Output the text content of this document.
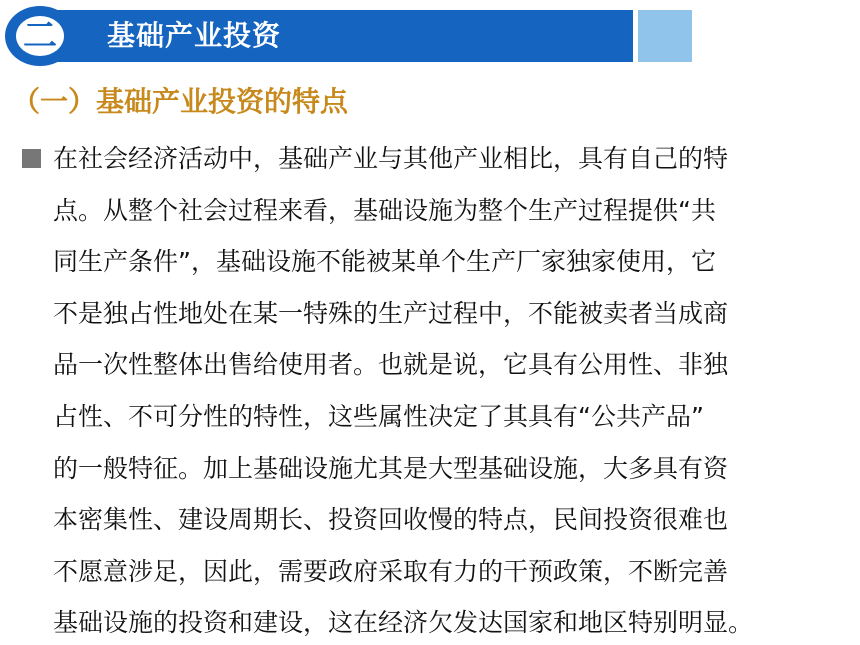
基础产业投资
二
（一）基础产业投资的特点
在社会经济活动中，基础产业与其他产业相比，具有自己的特
点。从整个社会过程来看，基础设施为整个生产过程提供“共
同生产条件”，基础设施不能被某单个生产厂家独家使用，它
不是独占性地处在某一特殊的生产过程中，不能被卖者当成商
品一次性整体出售给使用者。也就是说，它具有公用性、非独
占性、不可分性的特性，这些属性决定了其具有“公共产品”
的一般特征。加上基础设施尤其是大型基础设施，大多具有资
本密集性、建设周期长、投资回收慢的特点，民间投资很难也
不愿意涉足，因此，需要政府采取有力的干预政策，不断完善
基础设施的投资和建设，这在经济欠发达国家和地区特别明显。
